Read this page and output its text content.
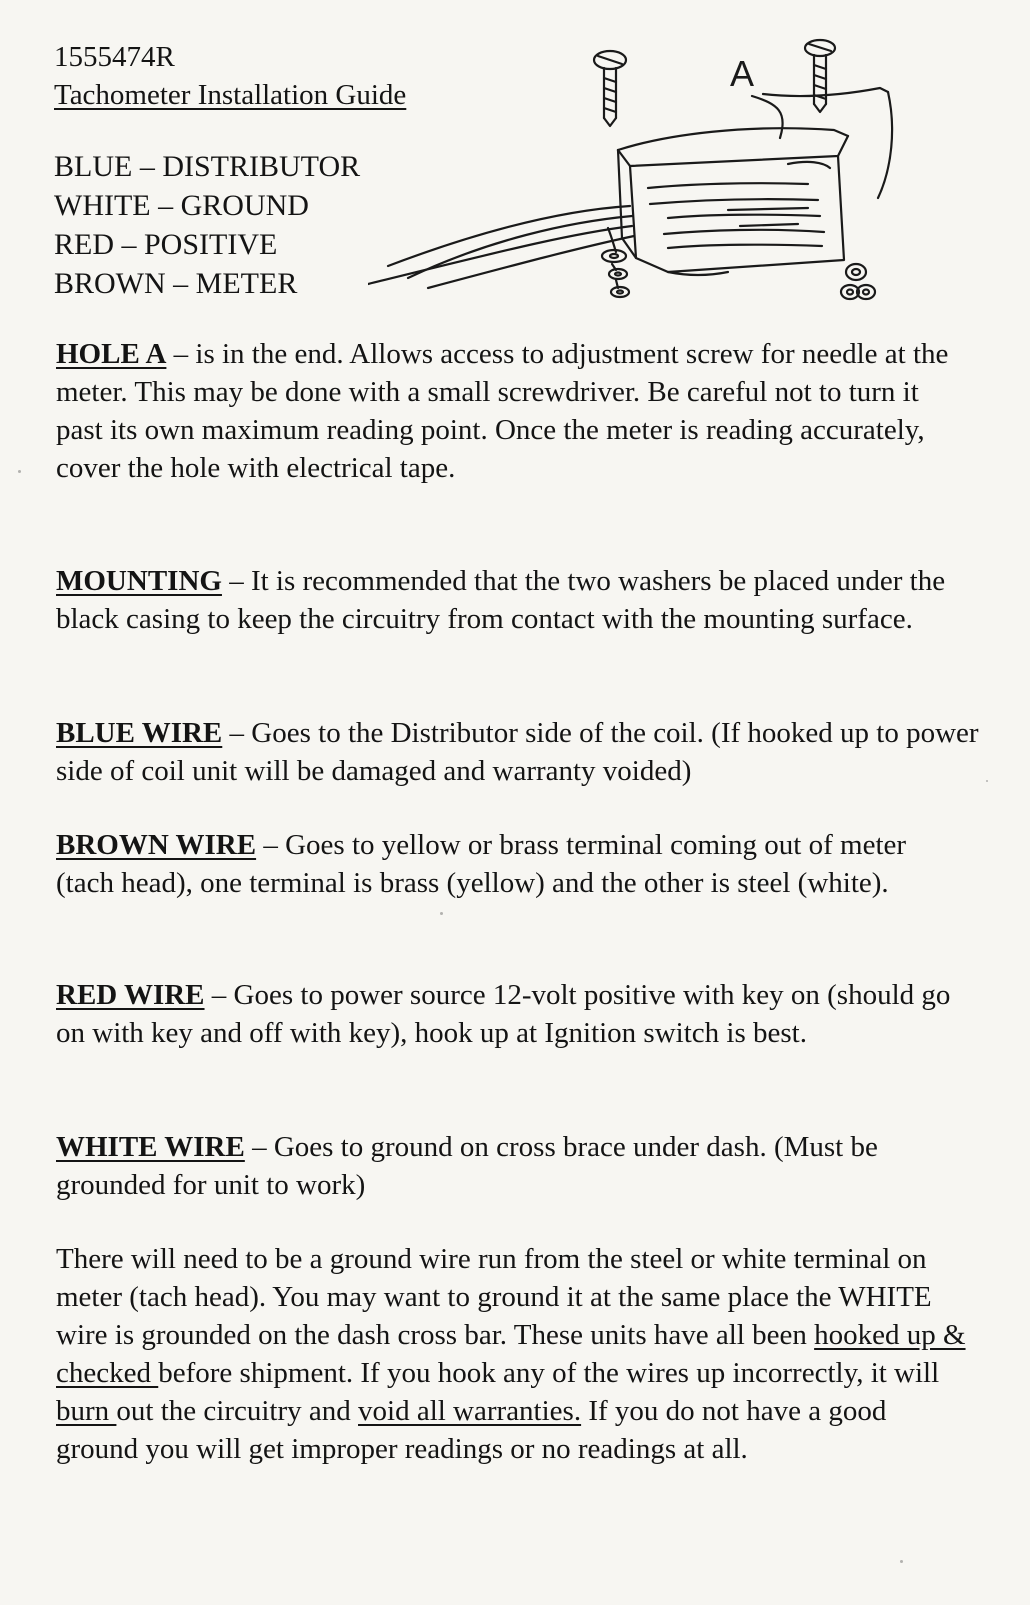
1555474R
Tachometer Installation Guide
BLUE – DISTRIBUTOR
WHITE – GROUND
RED – POSITIVE
BROWN – METER
A
HOLE A – is in the end. Allows access to adjustment screw for needle at the meter. This may be done with a small screwdriver. Be careful not to turn it past its own maximum reading point. Once the meter is reading accurately, cover the hole with electrical tape.
MOUNTING – It is recommended that the two washers be placed under the black casing to keep the circuitry from contact with the mounting surface.
BLUE WIRE – Goes to the Distributor side of the coil. (If hooked up to power side of coil unit will be damaged and warranty voided)
BROWN WIRE – Goes to yellow or brass terminal coming out of meter (tach head), one terminal is brass (yellow) and the other is steel (white).
RED WIRE – Goes to power source 12-volt positive with key on (should go on with key and off with key), hook up at Ignition switch is best.
WHITE WIRE – Goes to ground on cross brace under dash. (Must be grounded for unit to work)
There will need to be a ground wire run from the steel or white terminal on meter (tach head). You may want to ground it at the same place the WHITE wire is grounded on the dash cross bar. These units have all been hooked up & checked before shipment. If you hook any of the wires up incorrectly, it will burn out the circuitry and void all warranties. If you do not have a good ground you will get improper readings or no readings at all.
